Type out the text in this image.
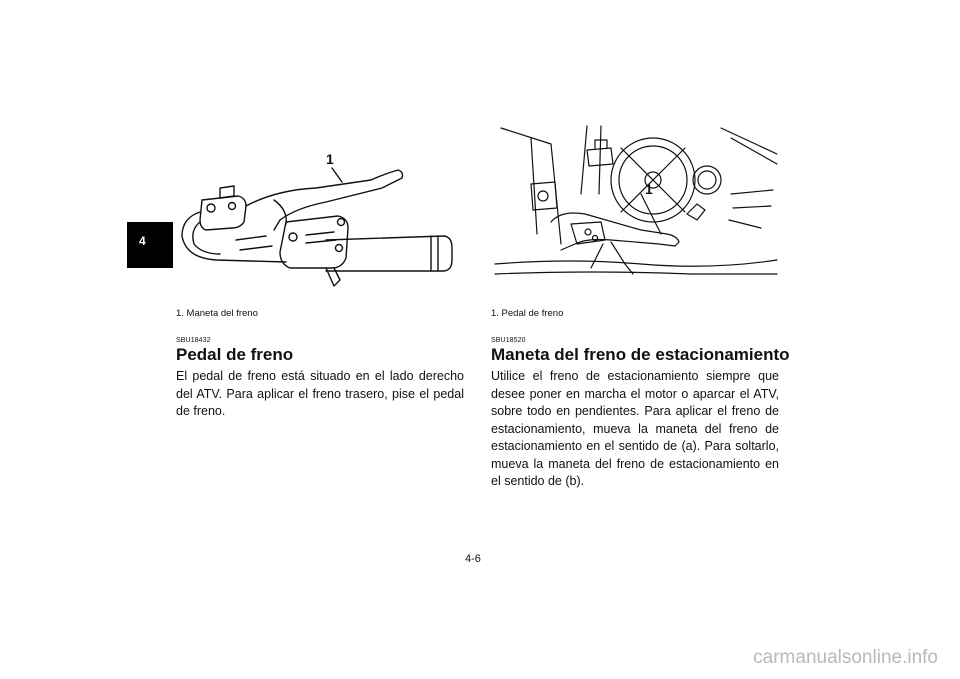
4
1
1. Maneta del freno
SBU18432
Pedal de freno

El pedal de freno está situado en el lado derecho del ATV. Para aplicar el freno trasero, pise el pedal de freno.

1
1. Pedal de freno
SBU18520
Maneta del freno de estacionamiento

Utilice el freno de estacionamiento siempre que desee poner en marcha el motor o aparcar el ATV, sobre todo en pendientes. Para aplicar el freno de estacionamiento, mueva la maneta del freno de estacionamiento en el sentido de (a). Para soltarlo, mueva la maneta del freno de estacionamiento en el sentido de (b).

4-6
carmanualsonline.info
